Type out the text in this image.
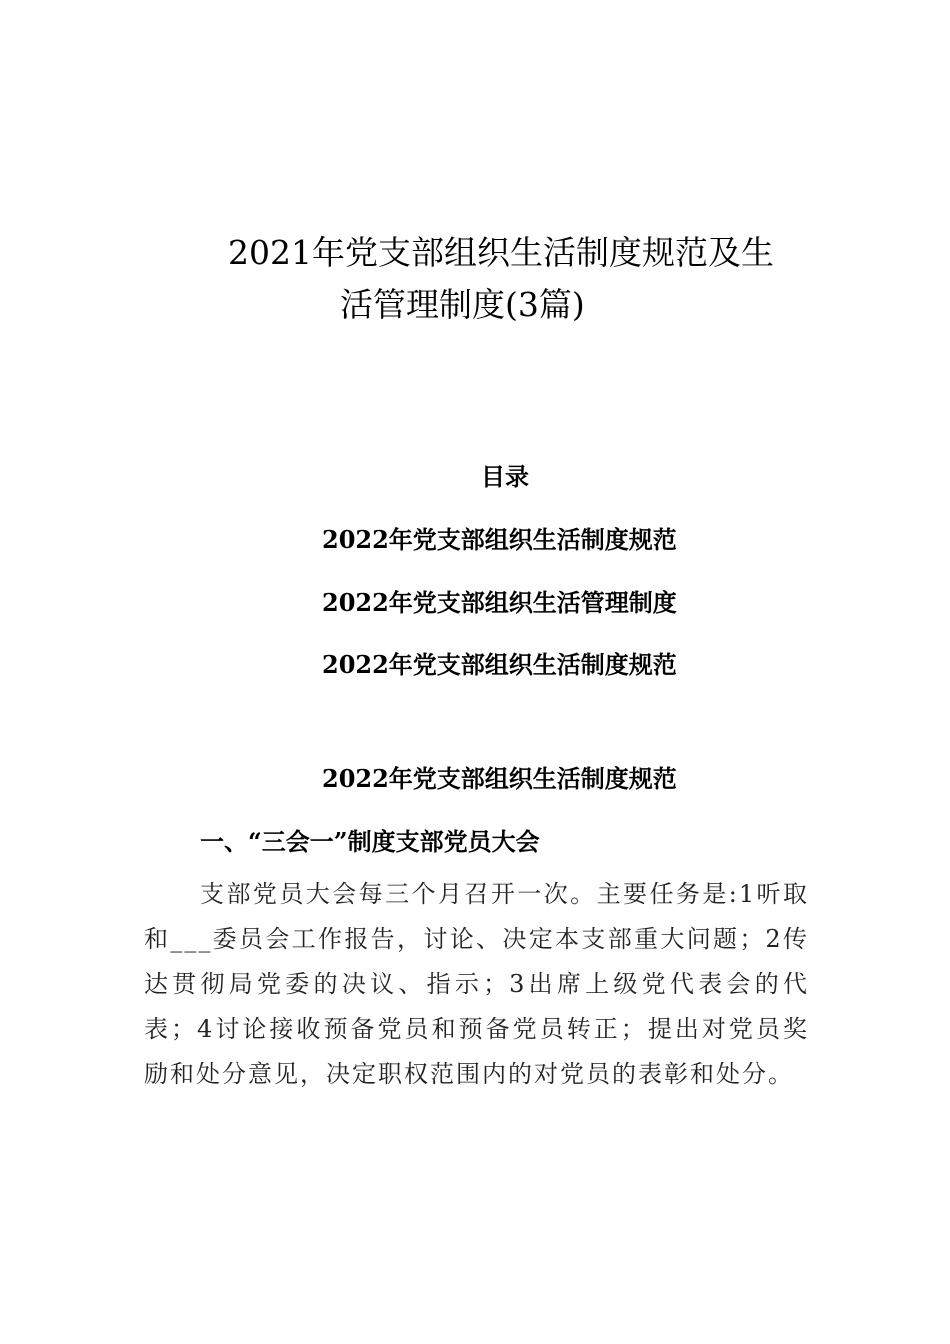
2021年党支部组织生活制度规范及生
活管理制度(3篇)
目录
2022年党支部组织生活制度规范
2022年党支部组织生活管理制度
2022年党支部组织生活制度规范
2022年党支部组织生活制度规范
一、“三会一”制度支部党员大会
支部党员大会每三个月召开一次。主要任务是:1听取和___委员会工作报告，讨论、决定本支部重大问题；2传达贯彻局党委的决议、指示；3出席上级党代表会的代表；4讨论接收预备党员和预备党员转正；提出对党员奖励和处分意见，决定职权范围内的对党员的表彰和处分。
